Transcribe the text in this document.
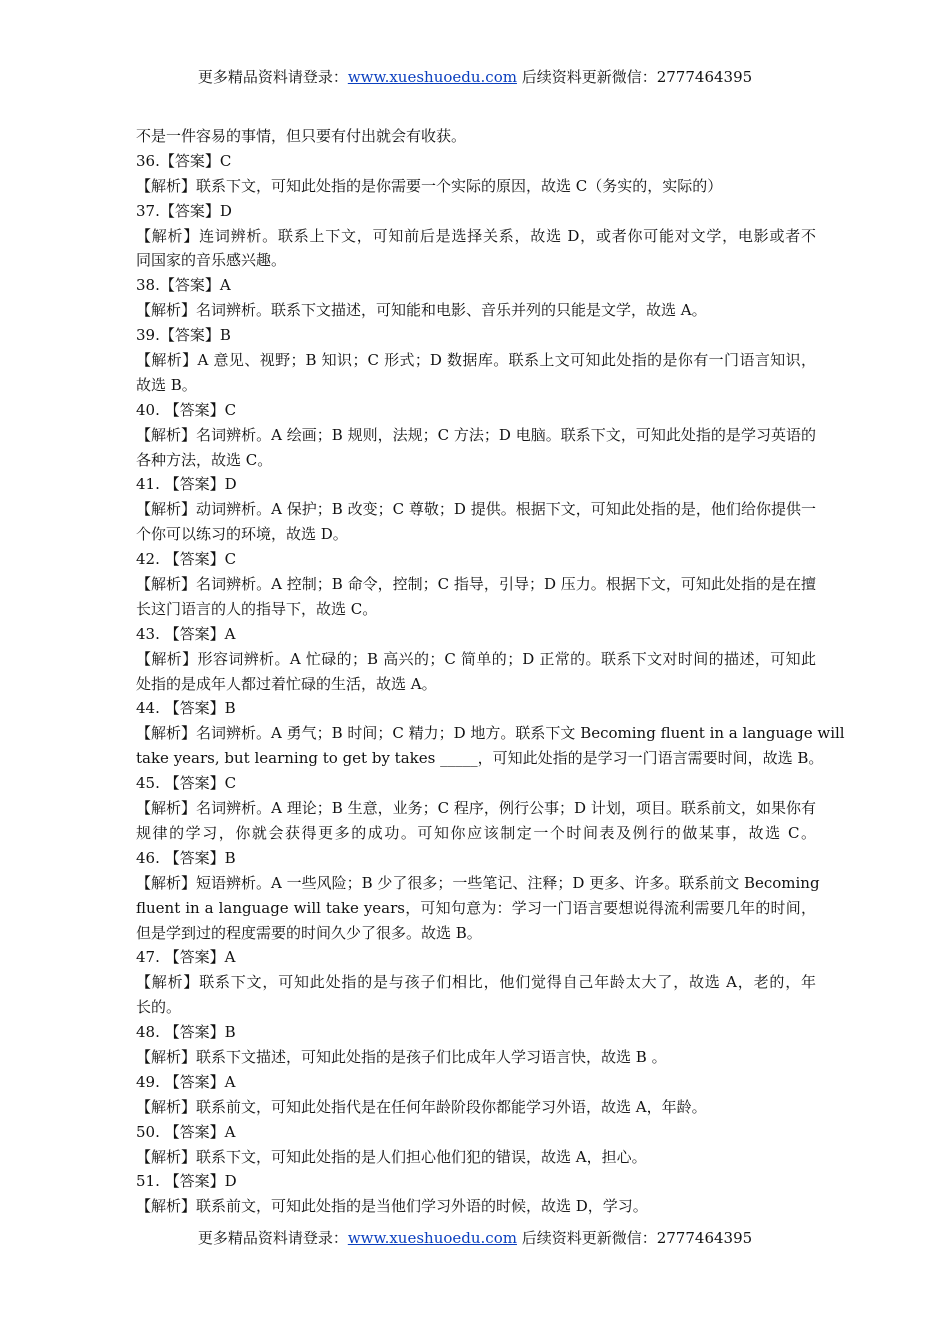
更多精品资料请登录：www.xueshuoedu.com 后续资料更新微信：2777464395
不是一件容易的事情，但只要有付出就会有收获。
36.【答案】C
【解析】联系下文，可知此处指的是你需要一个实际的原因，故选 C（务实的，实际的）
37.【答案】D
【解析】连词辨析。联系上下文，可知前后是选择关系，故选 D，或者你可能对文学，电影或者不
同国家的音乐感兴趣。
38.【答案】A
【解析】名词辨析。联系下文描述，可知能和电影、音乐并列的只能是文学，故选 A。
39.【答案】B
【解析】A 意见、视野；B 知识；C 形式；D 数据库。联系上文可知此处指的是你有一门语言知识，
故选 B。
40. 【答案】C
【解析】名词辨析。A 绘画；B 规则，法规；C 方法；D 电脑。联系下文，可知此处指的是学习英语的
各种方法，故选 C。
41. 【答案】D
【解析】动词辨析。A 保护；B 改变；C 尊敬；D 提供。根据下文，可知此处指的是，他们给你提供一
个你可以练习的环境，故选 D。
42. 【答案】C
【解析】名词辨析。A 控制；B 命令，控制；C 指导，引导；D 压力。根据下文，可知此处指的是在擅
长这门语言的人的指导下，故选 C。
43. 【答案】A
【解析】形容词辨析。A 忙碌的；B 高兴的；C 简单的；D 正常的。联系下文对时间的描述，可知此
处指的是成年人都过着忙碌的生活，故选 A。
44. 【答案】B
【解析】名词辨析。A 勇气；B 时间；C 精力；D 地方。联系下文 Becoming fluent in a language will
take years, but learning to get by takes _____，可知此处指的是学习一门语言需要时间，故选 B。
45. 【答案】C
【解析】名词辨析。A 理论；B 生意，业务；C 程序，例行公事；D 计划，项目。联系前文，如果你有
规律的学习，你就会获得更多的成功。可知你应该制定一个时间表及例行的做某事，故选 C。
46. 【答案】B
【解析】短语辨析。A 一些风险；B 少了很多；一些笔记、注释；D 更多、许多。联系前文 Becoming
fluent in a language will take years，可知句意为：学习一门语言要想说得流利需要几年的时间，
但是学到过的程度需要的时间久少了很多。故选 B。
47. 【答案】A
【解析】联系下文，可知此处指的是与孩子们相比，他们觉得自己年龄太大了，故选 A，老的，年
长的。
48. 【答案】B
【解析】联系下文描述，可知此处指的是孩子们比成年人学习语言快，故选 B 。
49. 【答案】A
【解析】联系前文，可知此处指代是在任何年龄阶段你都能学习外语，故选 A，年龄。
50. 【答案】A
【解析】联系下文，可知此处指的是人们担心他们犯的错误，故选 A，担心。
51. 【答案】D
【解析】联系前文，可知此处指的是当他们学习外语的时候，故选 D，学习。
更多精品资料请登录：www.xueshuoedu.com 后续资料更新微信：2777464395
